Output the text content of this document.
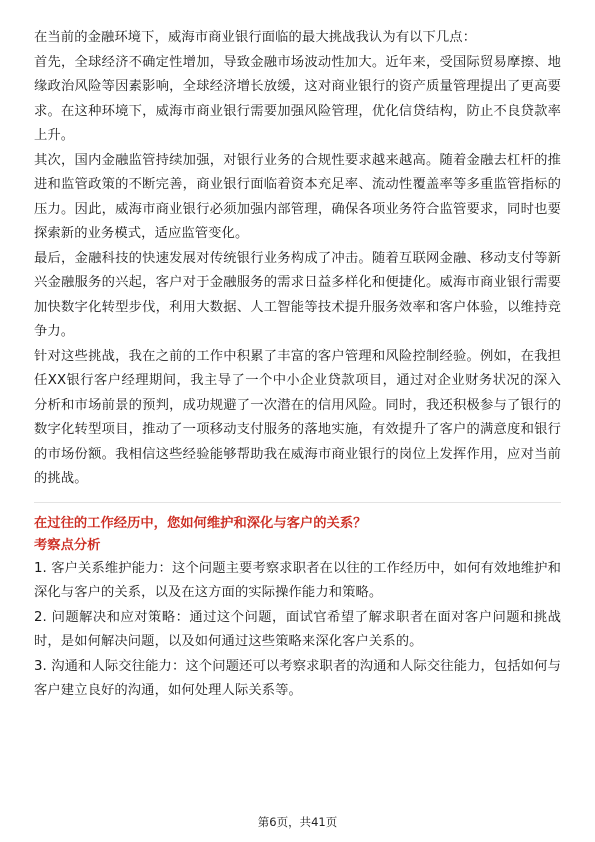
在当前的金融环境下，威海市商业银行面临的最大挑战我认为有以下几点：

首先，全球经济不确定性增加，导致金融市场波动性加大。近年来，受国际贸易摩擦、地缘政治风险等因素影响，全球经济增长放缓，这对商业银行的资产质量管理提出了更高要求。在这种环境下，威海市商业银行需要加强风险管理，优化信贷结构，防止不良贷款率上升。

其次，国内金融监管持续加强，对银行业务的合规性要求越来越高。随着金融去杠杆的推进和监管政策的不断完善，商业银行面临着资本充足率、流动性覆盖率等多重监管指标的压力。因此，威海市商业银行必须加强内部管理，确保各项业务符合监管要求，同时也要探索新的业务模式，适应监管变化。

最后，金融科技的快速发展对传统银行业务构成了冲击。随着互联网金融、移动支付等新兴金融服务的兴起，客户对于金融服务的需求日益多样化和便捷化。威海市商业银行需要加快数字化转型步伐，利用大数据、人工智能等技术提升服务效率和客户体验，以维持竞争力。

针对这些挑战，我在之前的工作中积累了丰富的客户管理和风险控制经验。例如，在我担任XX银行客户经理期间，我主导了一个中小企业贷款项目，通过对企业财务状况的深入分析和市场前景的预判，成功规避了一次潜在的信用风险。同时，我还积极参与了银行的数字化转型项目，推动了一项移动支付服务的落地实施，有效提升了客户的满意度和银行的市场份额。我相信这些经验能够帮助我在威海市商业银行的岗位上发挥作用，应对当前的挑战。

在过往的工作经历中，您如何维护和深化与客户的关系？

考察点分析

1. 客户关系维护能力：这个问题主要考察求职者在以往的工作经历中，如何有效地维护和深化与客户的关系，以及在这方面的实际操作能力和策略。

2. 问题解决和应对策略：通过这个问题，面试官希望了解求职者在面对客户问题和挑战时，是如何解决问题，以及如何通过这些策略来深化客户关系的。

3. 沟通和人际交往能力：这个问题还可以考察求职者的沟通和人际交往能力，包括如何与客户建立良好的沟通，如何处理人际关系等。

第6页，共41页
